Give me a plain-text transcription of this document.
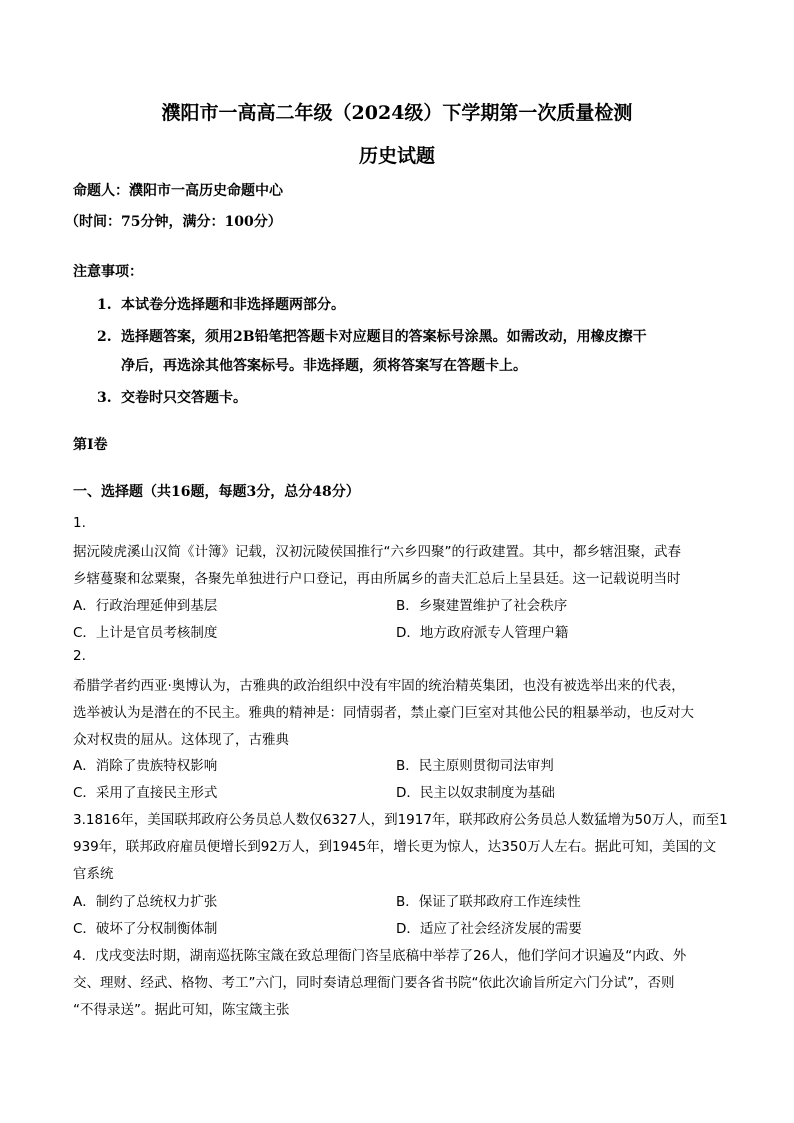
濮阳市一高高二年级（2024级）下学期第一次质量检测
历史试题
命题人：濮阳市一高历史命题中心
（时间：75分钟，满分：100分）
注意事项：
1. 本试卷分选择题和非选择题两部分。
2. 选择题答案，须用2B铅笔把答题卡对应题目的答案标号涂黑。如需改动，用橡皮擦干
净后，再选涂其他答案标号。非选择题，须将答案写在答题卡上。
3. 交卷时只交答题卡。
第I卷
一、选择题（共16题，每题3分，总分48分）
1.
据沅陵虎溪山汉简《计簿》记载，汉初沅陵侯国推行“六乡四聚”的行政建置。其中，都乡辖沮聚，武春
乡辖蔓聚和忿粟聚，各聚先单独进行户口登记，再由所属乡的啬夫汇总后上呈县廷。这一记载说明当时
A．行政治理延伸到基层	B．乡聚建置维护了社会秩序
C．上计是官员考核制度	D．地方政府派专人管理户籍
2.
希腊学者约西亚·奥博认为，古雅典的政治组织中没有牢固的统治精英集团，也没有被选举出来的代表，
选举被认为是潜在的不民主。雅典的精神是：同情弱者，禁止豪门巨室对其他公民的粗暴举动，也反对大
众对权贵的屈从。这体现了，古雅典
A．消除了贵族特权影响	B．民主原则贯彻司法审判
C．采用了直接民主形式	D．民主以奴隶制度为基础
3.1816年，美国联邦政府公务员总人数仅6327人，到1917年，联邦政府公务员总人数猛增为50万人，而至1
939年，联邦政府雇员便增长到92万人，到1945年，增长更为惊人，达350万人左右。据此可知，美国的文
官系统
A．制约了总统权力扩张	B．保证了联邦政府工作连续性
C．破坏了分权制衡体制	D．适应了社会经济发展的需要
4．戊戌变法时期，湖南巡抚陈宝箴在致总理衙门咨呈底稿中举荐了26人，他们学问才识遍及“内政、外
交、理财、经武、格物、考工”六门，同时奏请总理衙门要各省书院“依此次谕旨所定六门分试”，否则
“不得录送”。据此可知，陈宝箴主张
